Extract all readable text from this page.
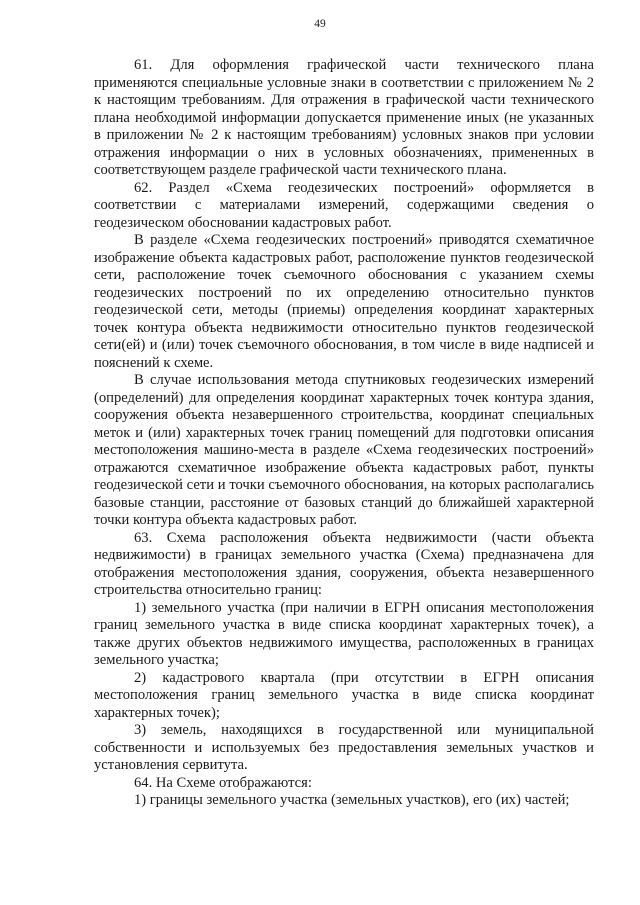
49

61. Для оформления графической части технического плана применяются специальные условные знаки в соответствии с приложением № 2 к настоящим требованиям. Для отражения в графической части технического плана необходимой информации допускается применение иных (не указанных в приложении № 2 к настоящим требованиям) условных знаков при условии отражения информации о них в условных обозначениях, примененных в соответствующем разделе графической части технического плана.

62. Раздел «Схема геодезических построений» оформляется в соответствии с материалами измерений, содержащими сведения о геодезическом обосновании кадастровых работ.

В разделе «Схема геодезических построений» приводятся схематичное изображение объекта кадастровых работ, расположение пунктов геодезической сети, расположение точек съемочного обоснования с указанием схемы геодезических построений по их определению относительно пунктов геодезической сети, методы (приемы) определения координат характерных точек контура объекта недвижимости относительно пунктов геодезической сети(ей) и (или) точек съемочного обоснования, в том числе в виде надписей и пояснений к схеме.

В случае использования метода спутниковых геодезических измерений (определений) для определения координат характерных точек контура здания, сооружения объекта незавершенного строительства, координат специальных меток и (или) характерных точек границ помещений для подготовки описания местоположения машино-места в разделе «Схема геодезических построений» отражаются схематичное изображение объекта кадастровых работ, пункты геодезической сети и точки съемочного обоснования, на которых располагались базовые станции, расстояние от базовых станций до ближайшей характерной точки контура объекта кадастровых работ.

63. Схема расположения объекта недвижимости (части объекта недвижимости) в границах земельного участка (Схема) предназначена для отображения местоположения здания, сооружения, объекта незавершенного строительства относительно границ:

1) земельного участка (при наличии в ЕГРН описания местоположения границ земельного участка в виде списка координат характерных точек), а также других объектов недвижимого имущества, расположенных в границах земельного участка;

2) кадастрового квартала (при отсутствии в ЕГРН описания местоположения границ земельного участка в виде списка координат характерных точек);

3) земель, находящихся в государственной или муниципальной собственности и используемых без предоставления земельных участков и установления сервитута.

64. На Схеме отображаются:

1) границы земельного участка (земельных участков), его (их) частей;
